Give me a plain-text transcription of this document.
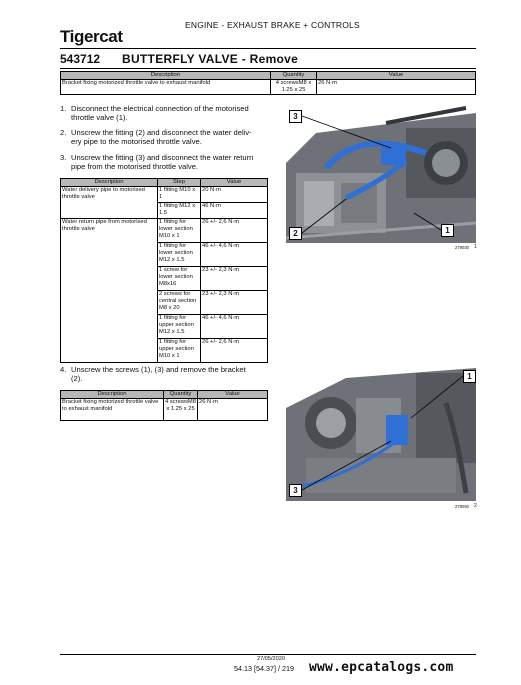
ENGINE - EXHAUST BRAKE + CONTROLS
Tigercat
543712 BUTTERFLY VALVE - Remove
Description	Quantity	Value
Bracket fixing motorized throttle valve to exhaust manifold	4 screwsM8 x 1.25 x 25	26 N·m
1. Disconnect the electrical connection of the motorised
throttle valve (1).
2. Unscrew the fitting (2) and disconnect the water deliv-
ery pipe to the motorised throttle valve.
3. Unscrew the fitting (3) and disconnect the water return
pipe from the motorised throttle valve.
Description	Step	Value
Water delivery pipe to motorised throttle valve	1 fitting M10 x 1	20 N·m
	1 fitting M12 x 1.5	46 N·m
Water return pipe from motorised throttle valve	1 fitting for lower section M10 x 1	26 +/- 2,6 N·m
	1 fitting for lower section M12 x 1.5	46 +/- 4,6 N·m
	1 screw for lower section M8x16	23 +/- 2,3 N·m
	2 screws for central section M8 x 20	23 +/- 2,3 N·m
	1 fitting for upper section M12 x 1.5	46 +/- 4,6 N·m
	1 fitting for upper section M10 x 1	26 +/- 2,6 N·m
4. Unscrew the screws (1), (3) and remove the bracket
(2).
Description	Quantity	Value
Bracket fixing motorized throttle valve to exhaust manifold	4 screwsM8 x 1.25 x 25	26 N·m
3
2	1
279030 1
1
3
279050 2
27/05/2020
54.13 [54.37] / 219 www.epcatalogs.com
